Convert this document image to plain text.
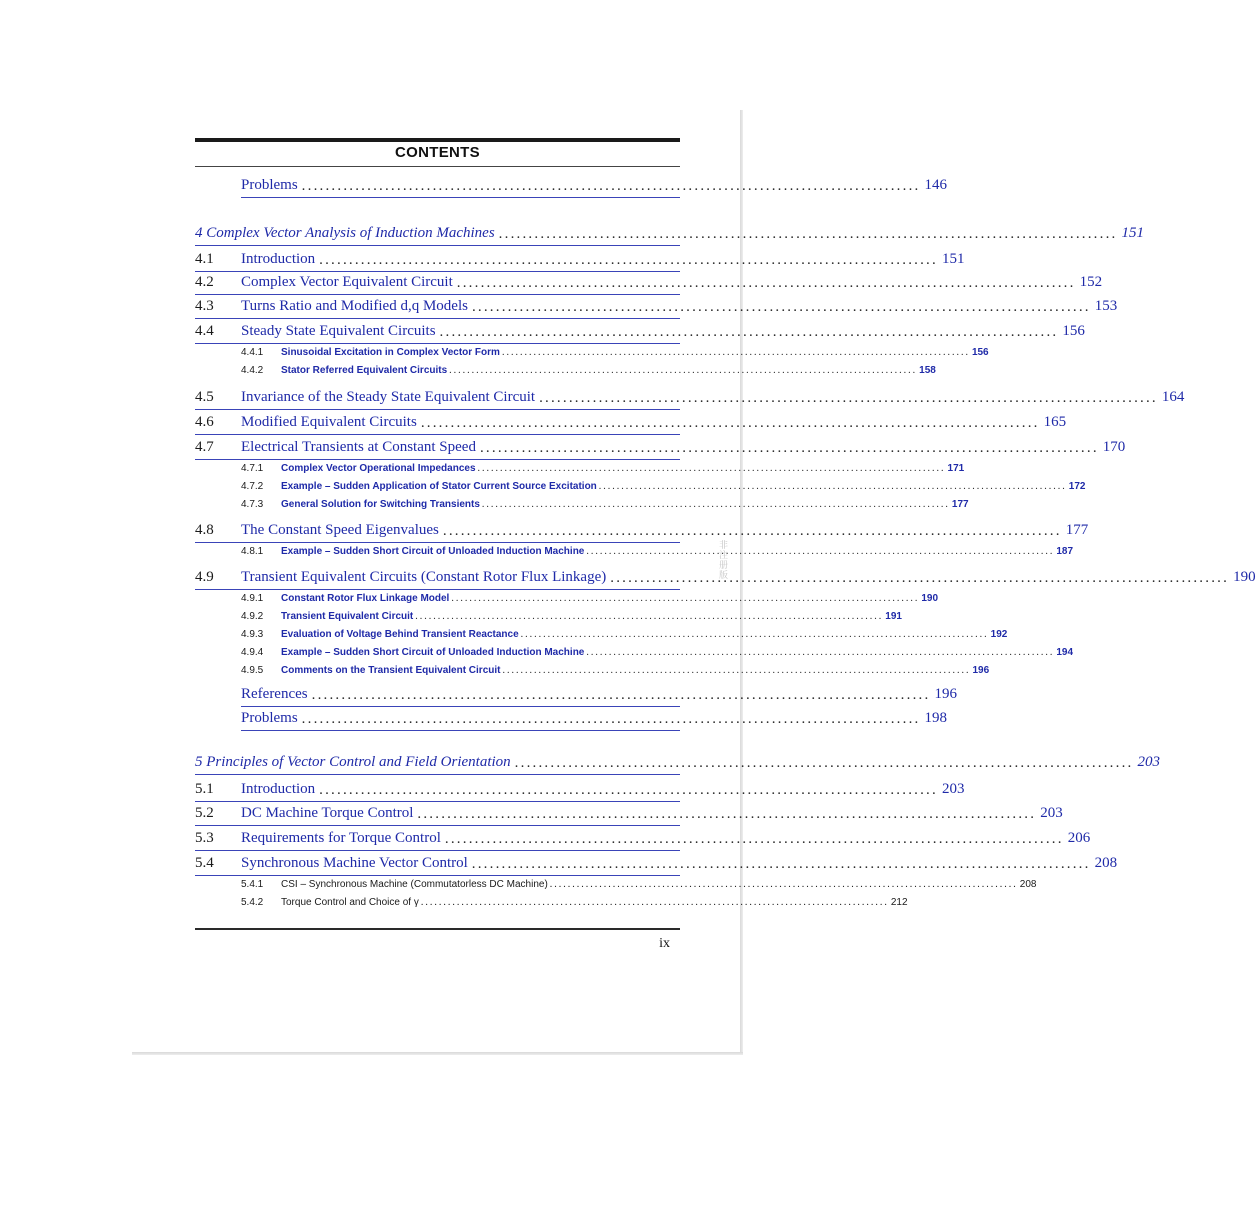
非注册版
CONTENTS
Problems ........................................................................................................ 146
4 Complex Vector Analysis of Induction Machines ........................................................................................................ 151
4.1	Introduction ........................................................................................................ 151
4.2	Complex Vector Equivalent Circuit ........................................................................................................ 152
4.3	Turns Ratio and Modified d,q Models ........................................................................................................ 153
4.4	Steady State Equivalent Circuits ........................................................................................................ 156
4.4.1	Sinusoidal Excitation in Complex Vector Form ........................................................................................................ 156
4.4.2	Stator Referred Equivalent Circuits ........................................................................................................ 158
4.5	Invariance of the Steady State Equivalent Circuit ........................................................................................................ 164
4.6	Modified Equivalent Circuits ........................................................................................................ 165
4.7	Electrical Transients at Constant Speed ........................................................................................................ 170
4.7.1	Complex Vector Operational Impedances ........................................................................................................ 171
4.7.2	Example – Sudden Application of Stator Current Source Excitation ........................................................................................................ 172
4.7.3	General Solution for Switching Transients ........................................................................................................ 177
4.8	The Constant Speed Eigenvalues ........................................................................................................ 177
4.8.1	Example – Sudden Short Circuit of Unloaded Induction Machine ........................................................................................................ 187
4.9	Transient Equivalent Circuits (Constant Rotor Flux Linkage) ........................................................................................................ 190
4.9.1	Constant Rotor Flux Linkage Model ........................................................................................................ 190
4.9.2	Transient Equivalent Circuit ........................................................................................................ 191
4.9.3	Evaluation of Voltage Behind Transient Reactance ........................................................................................................ 192
4.9.4	Example – Sudden Short Circuit of Unloaded Induction Machine ........................................................................................................ 194
4.9.5	Comments on the Transient Equivalent Circuit ........................................................................................................ 196
References ........................................................................................................ 196
Problems ........................................................................................................ 198
5 Principles of Vector Control and Field Orientation ........................................................................................................ 203
5.1	Introduction ........................................................................................................ 203
5.2	DC Machine Torque Control ........................................................................................................ 203
5.3	Requirements for Torque Control ........................................................................................................ 206
5.4	Synchronous Machine Vector Control ........................................................................................................ 208
5.4.1	CSI – Synchronous Machine (Commutatorless DC Machine) ........................................................................................................ 208
5.4.2	Torque Control and Choice of γ ........................................................................................................ 212
ix
